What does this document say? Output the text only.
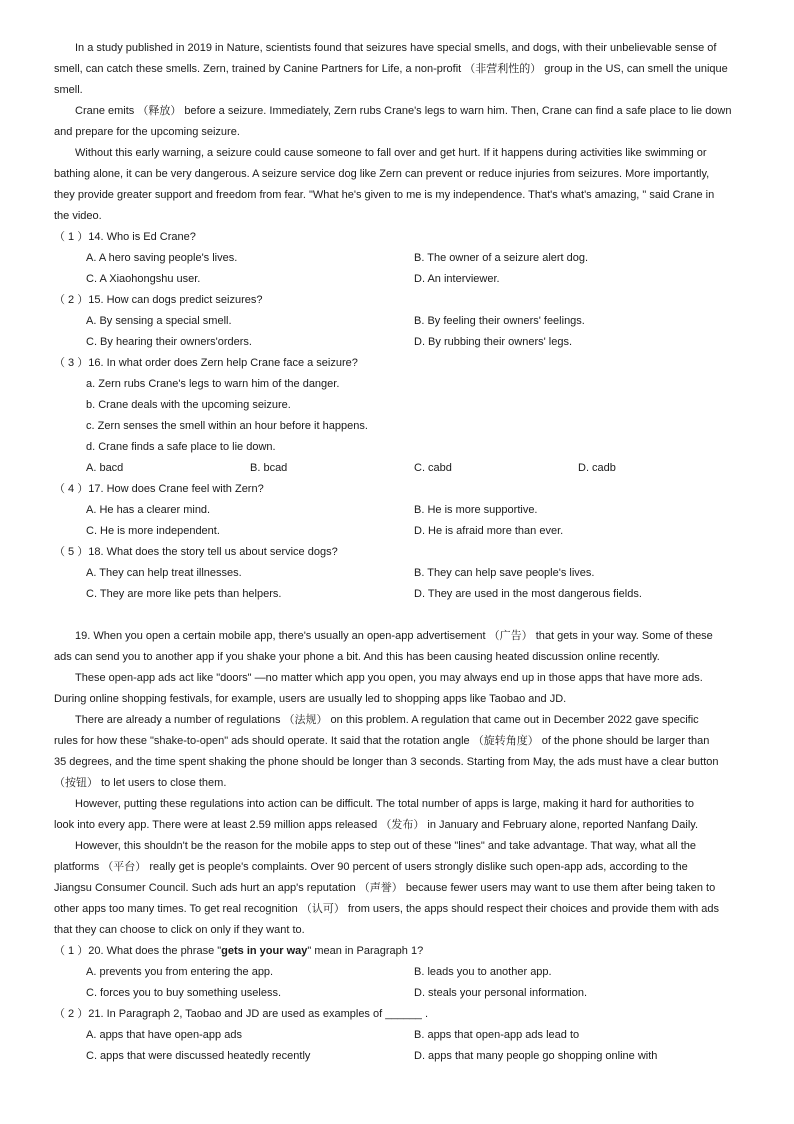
In a study published in 2019 in Nature, scientists found that seizures have special smells, and dogs, with their unbelievable sense of
smell, can catch these smells. Zern, trained by Canine Partners for Life, a non-profit （非营利性的） group in the US, can smell the unique
smell.
Crane emits （释放） before a seizure. Immediately, Zern rubs Crane's legs to warn him. Then, Crane can find a safe place to lie down
and prepare for the upcoming seizure.
Without this early warning, a seizure could cause someone to fall over and get hurt. If it happens during activities like swimming or
bathing alone, it can be very dangerous. A seizure service dog like Zern can prevent or reduce injuries from seizures. More importantly,
they provide greater support and freedom from fear. "What he's given to me is my independence. That's what's amazing, " said Crane in
the video.
（ 1 ）14. Who is Ed Crane?
A. A hero saving people's lives.	B. The owner of a seizure alert dog.
C. A Xiaohongshu user.	D. An interviewer.
（ 2 ）15. How can dogs predict seizures?
A. By sensing a special smell.	B. By feeling their owners' feelings.
C. By hearing their owners'orders.	D. By rubbing their owners' legs.
（ 3 ）16. In what order does Zern help Crane face a seizure?
a. Zern rubs Crane's legs to warn him of the danger.
b. Crane deals with the upcoming seizure.
c. Zern senses the smell within an hour before it happens.
d. Crane finds a safe place to lie down.
A. bacd	B. bcad	C. cabd	D. cadb
（ 4 ）17. How does Crane feel with Zern?
A. He has a clearer mind.	B. He is more supportive.
C. He is more independent.	D. He is afraid more than ever.
（ 5 ）18. What does the story tell us about service dogs?
A. They can help treat illnesses.	B. They can help save people's lives.
C. They are more like pets than helpers.	D. They are used in the most dangerous fields.
19. When you open a certain mobile app, there's usually an open-app advertisement （广告） that gets in your way. Some of these
ads can send you to another app if you shake your phone a bit. And this has been causing heated discussion online recently.
These open-app ads act like "doors" —no matter which app you open, you may always end up in those apps that have more ads.
During online shopping festivals, for example, users are usually led to shopping apps like Taobao and JD.
There are already a number of regulations （法规） on this problem. A regulation that came out in December 2022 gave specific
rules for how these "shake-to-open" ads should operate. It said that the rotation angle （旋转角度） of the phone should be larger than
35 degrees, and the time spent shaking the phone should be longer than 3 seconds. Starting from May, the ads must have a clear button
（按钮） to let users to close them.
However, putting these regulations into action can be difficult. The total number of apps is large, making it hard for authorities to
look into every app. There were at least 2.59 million apps released （发布） in January and February alone, reported Nanfang Daily.
However, this shouldn't be the reason for the mobile apps to step out of these "lines" and take advantage. That way, what all the
platforms （平台） really get is people's complaints. Over 90 percent of users strongly dislike such open-app ads, according to the
Jiangsu Consumer Council. Such ads hurt an app's reputation （声誉） because fewer users may want to use them after being taken to
other apps too many times. To get real recognition （认可） from users, the apps should respect their choices and provide them with ads
that they can choose to click on only if they want to.
（ 1 ）20. What does the phrase "gets in your way" mean in Paragraph 1?
A. prevents you from entering the app.	B. leads you to another app.
C. forces you to buy something useless.	D. steals your personal information.
（ 2 ）21. In Paragraph 2, Taobao and JD are used as examples of ______ .
A. apps that have open-app ads	B. apps that open-app ads lead to
C. apps that were discussed heatedly recently	D. apps that many people go shopping online with
